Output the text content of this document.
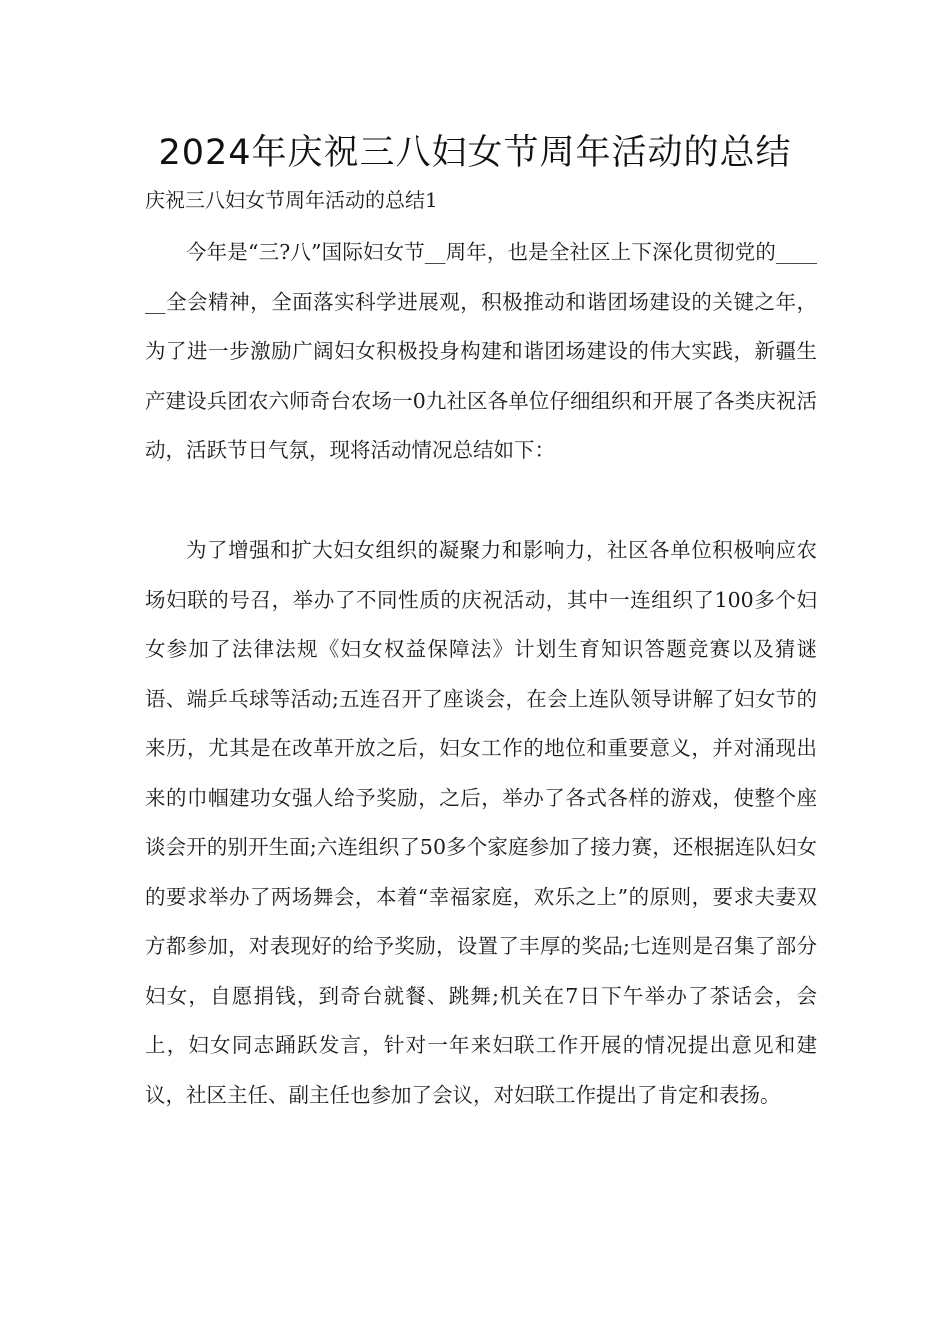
2024年庆祝三八妇女节周年活动的总结

庆祝三八妇女节周年活动的总结1

今年是“三?八”国际妇女节__周年，也是全社区上下深化贯彻党的______全会精神，全面落实科学进展观，积极推动和谐团场建设的关键之年，为了进一步激励广阔妇女积极投身构建和谐团场建设的伟大实践，新疆生产建设兵团农六师奇台农场一0九社区各单位仔细组织和开展了各类庆祝活动，活跃节日气氛，现将活动情况总结如下：

为了增强和扩大妇女组织的凝聚力和影响力，社区各单位积极响应农场妇联的号召，举办了不同性质的庆祝活动，其中一连组织了100多个妇女参加了法律法规《妇女权益保障法》计划生育知识答题竞赛以及猜谜语、端乒乓球等活动;五连召开了座谈会，在会上连队领导讲解了妇女节的来历，尤其是在改革开放之后，妇女工作的地位和重要意义，并对涌现出来的巾帼建功女强人给予奖励，之后，举办了各式各样的游戏，使整个座谈会开的别开生面;六连组织了50多个家庭参加了接力赛，还根据连队妇女的要求举办了两场舞会，本着“幸福家庭，欢乐之上”的原则，要求夫妻双方都参加，对表现好的给予奖励，设置了丰厚的奖品;七连则是召集了部分妇女，自愿捐钱，到奇台就餐、跳舞;机关在7日下午举办了茶话会，会上，妇女同志踊跃发言，针对一年来妇联工作开展的情况提出意见和建议，社区主任、副主任也参加了会议，对妇联工作提出了肯定和表扬。
